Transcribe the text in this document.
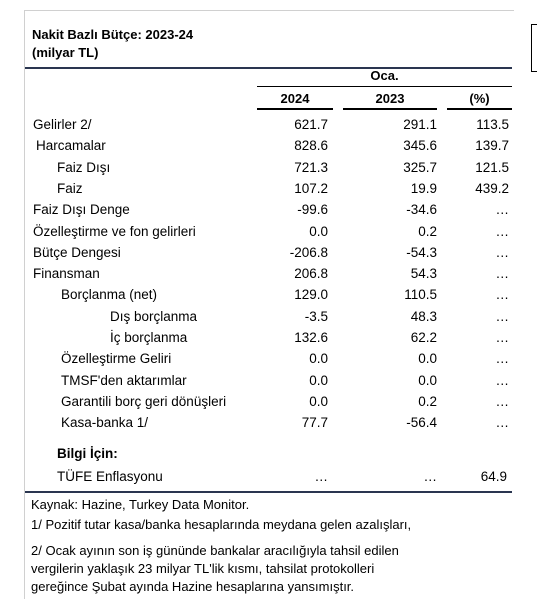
Nakit Bazlı Bütçe: 2023-24
(milyar TL)
Oca.
2024	2023	(%)
Gelirler 2/	621.7	291.1	113.5
Harcamalar	828.6	345.6	139.7
Faiz Dışı	721.3	325.7	121.5
Faiz	107.2	19.9	439.2
Faiz Dışı Denge	-99.6	-34.6	…
Özelleştirme ve fon gelirleri	0.0	0.2	…
Bütçe Dengesi	-206.8	-54.3	…
Finansman	206.8	54.3	…
Borçlanma (net)	129.0	110.5	…
Dış borçlanma	-3.5	48.3	…
İç borçlanma	132.6	62.2	…
Özelleştirme Geliri	0.0	0.0	…
TMSF'den aktarımlar	0.0	0.0	…
Garantili borç geri dönüşleri	0.0	0.2	…
Kasa-banka 1/	77.7	-56.4	…
Bilgi İçin:
TÜFE Enflasyonu	…	…	64.9
Kaynak: Hazine, Turkey Data Monitor.
1/ Pozitif tutar kasa/banka hesaplarında meydana gelen azalışları,
2/ Ocak ayının son iş gününde bankalar aracılığıyla tahsil edilen
vergilerin yaklaşık 23 milyar TL'lik kısmı, tahsilat protokolleri
gereğince Şubat ayında Hazine hesaplarına yansımıştır.
